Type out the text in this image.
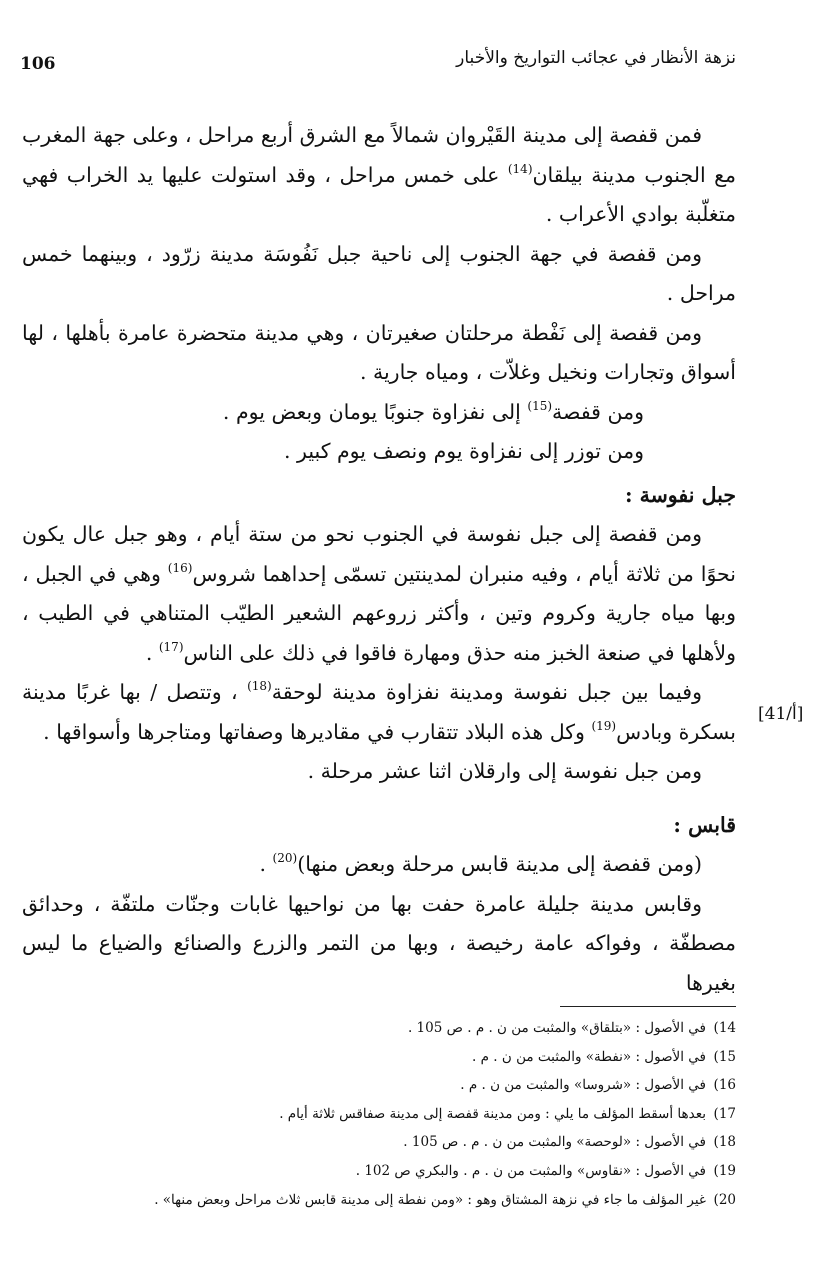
نزهة الأنظار في عجائب التواريخ والأخبار
106

فمن قفصة إلى مدينة القَيْروان شمالاً مع الشرق أربع مراحل ، وعلى جهة المغرب مع الجنوب مدينة بيلقان$^{(14)}$ على خمس مراحل ، وقد استولت عليها يد الخراب فهي متغلّبة بوادي الأعراب .

ومن قفصة في جهة الجنوب إلى ناحية جبل نَفُوسَة مدينة زرّود ، وبينهما خمس مراحل .

ومن قفصة إلى نَفْطة مرحلتان صغيرتان ، وهي مدينة متحضرة عامرة بأهلها ، لها أسواق وتجارات ونخيل وغلاّت ، ومياه جارية .

ومن قفصة$^{(15)}$ إلى نفزاوة جنوبًا يومان وبعض يوم .

ومن توزر إلى نفزاوة يوم ونصف يوم كبير .

جبل نفوسة :

ومن قفصة إلى جبل نفوسة في الجنوب نحو من ستة أيام ، وهو جبل عال يكون نحوًا من ثلاثة أيام ، وفيه منبران لمدينتين تسمّى إحداهما شروس$^{(16)}$ وهي في الجبل ، وبها مياه جارية وكروم وتين ، وأكثر زروعهم الشعير الطيّب المتناهي في الطيب ، ولأهلها في صنعة الخبز منه حذق ومهارة فاقوا في ذلك على الناس$^{(17)}$ .

وفيما بين جبل نفوسة ومدينة نفزاوة مدينة لوحقة$^{(18)}$ ، وتتصل / بها غربًا مدينة بسكرة وبادس$^{(19)}$ وكل هذه البلاد تتقارب في مقاديرها وصفاتها ومتاجرها وأسواقها .

ومن جبل نفوسة إلى وارقلان اثنا عشر مرحلة .

قابس :

(ومن قفصة إلى مدينة قابس مرحلة وبعض منها)$^{(20)}$ .

وقابس مدينة جليلة عامرة حفت بها من نواحيها غابات وجنّات ملتفّة ، وحدائق مصطفّة ، وفواكه عامة رخيصة ، وبها من التمر والزرع والصنائع والضياع ما ليس بغيرها

[أ/41]

14)في الأصول : «بتلقاق» والمثبت من ن . م . ص 105 .

15)في الأصول : «نفطة» والمثبت من ن . م .

16)في الأصول : «شروسا» والمثبت من ن . م .

17)بعدها أسقط المؤلف ما يلي : ومن مدينة قفصة إلى مدينة صفاقس ثلاثة أيام .

18)في الأصول : «لوحصة» والمثبت من ن . م . ص 105 .

19)في الأصول : «نقاوس» والمثبت من ن . م . والبكري ص 102 .

20)غير المؤلف ما جاء في نزهة المشتاق وهو : «ومن نفطة إلى مدينة قابس ثلاث مراحل وبعض منها» .
